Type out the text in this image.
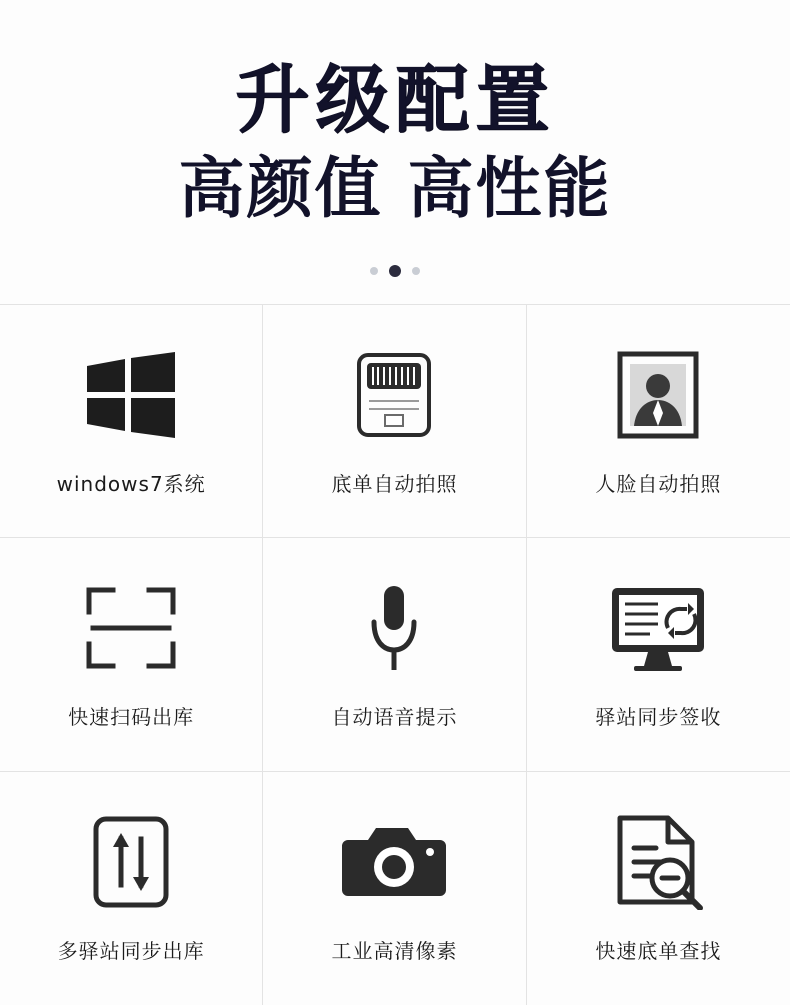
升级配置
高颜值 高性能
windows7系统	底单自动拍照	人脸自动拍照
快速扫码出库	自动语音提示	驿站同步签收
多驿站同步出库	工业高清像素	快速底单查找
